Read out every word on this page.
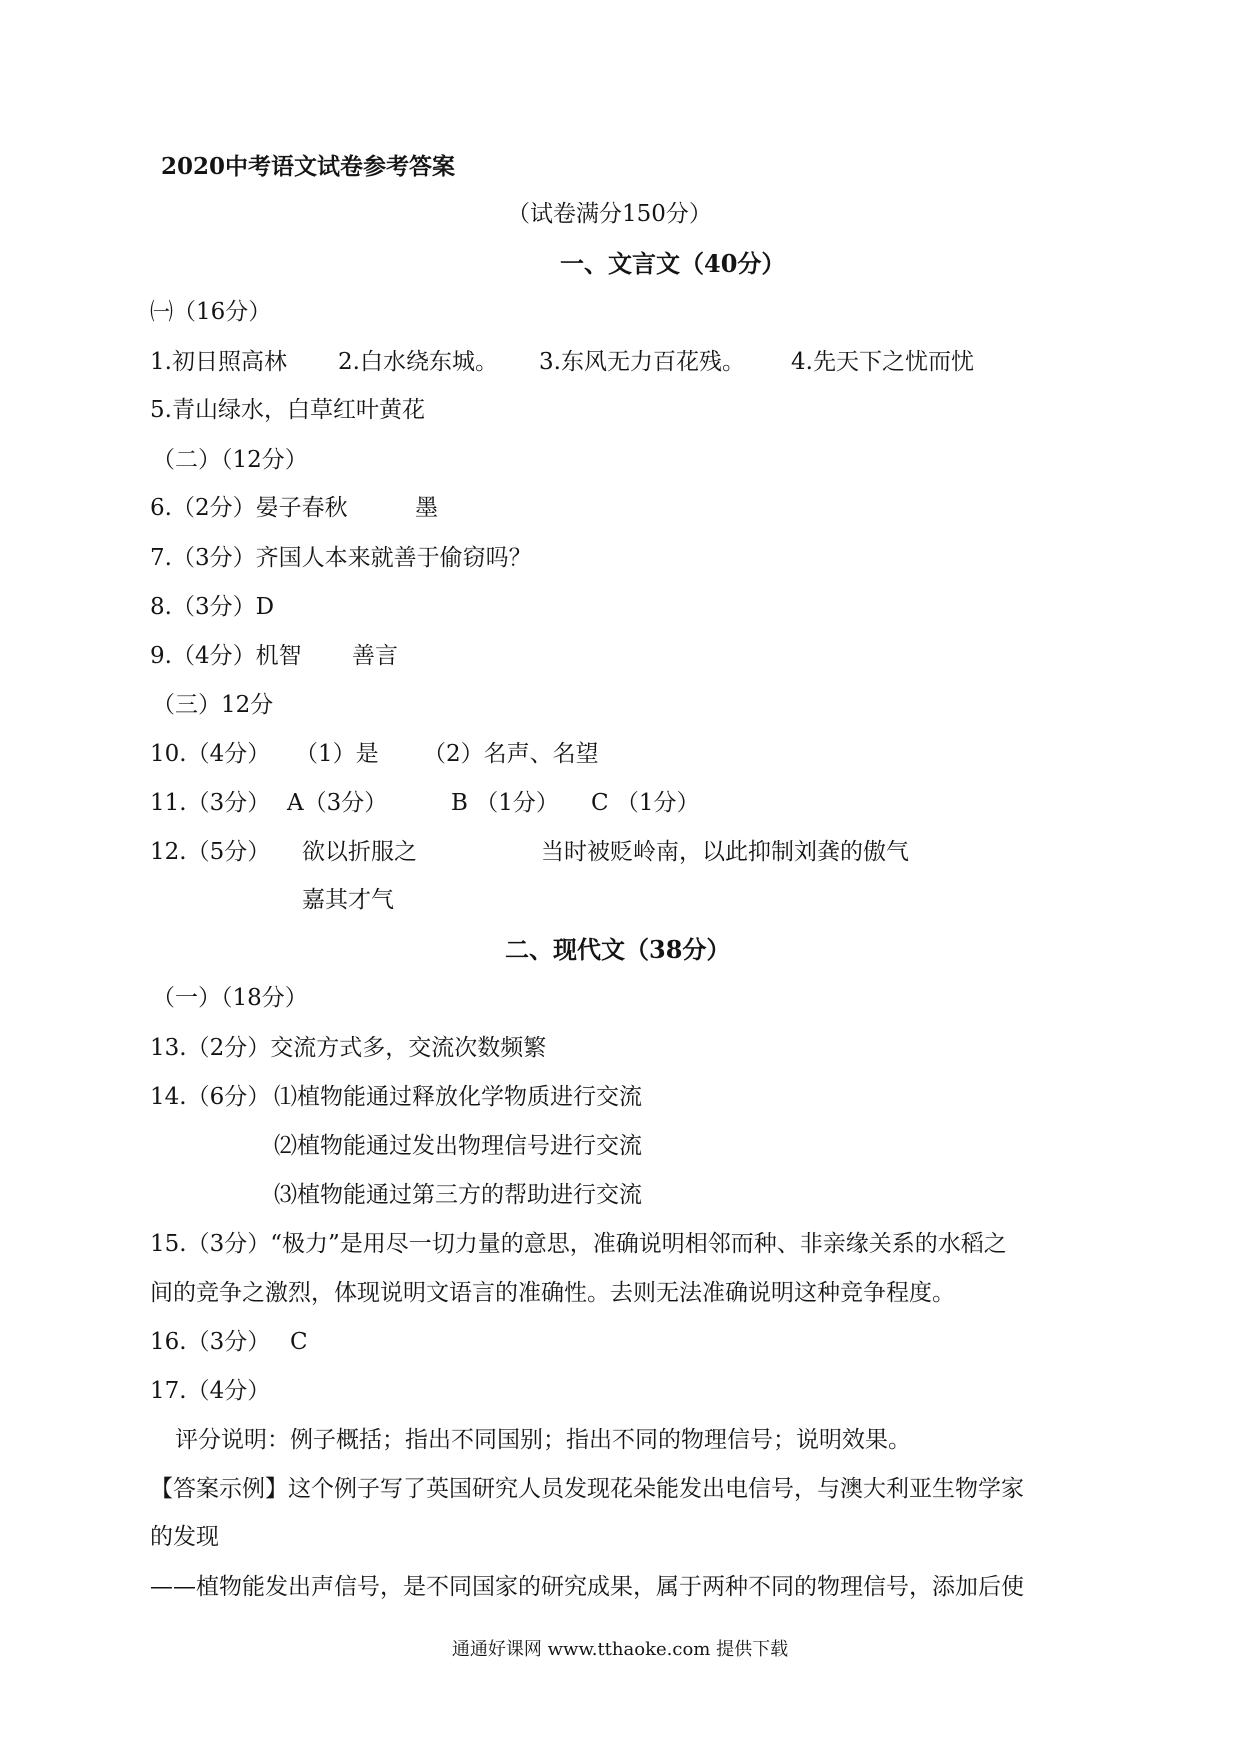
2020中考语文试卷参考答案
（试卷满分150分）
一、文言文（40分）
㈠（16分）
1.初日照高林 2.白水绕东城。 3.东风无力百花残。 4.先天下之忧而忧
5.青山绿水，白草红叶黄花
（二）（12分）
6.（2分）晏子春秋	墨
7.（3分）齐国人本来就善于偷窃吗？
8.（3分）D
9.（4分）机智 善言
（三）12分
10.（4分） （1）是 （2）名声、名望
11.（3分） A（3分）	B （1分） C （1分）
12.（5分） 欲以折服之	当时被贬岭南，以此抑制刘龚的傲气
嘉其才气
二、现代文（38分）
（一）（18分）
13.（2分）交流方式多，交流次数频繁
14.（6分） ⑴植物能通过释放化学物质进行交流
⑵植物能通过发出物理信号进行交流
⑶植物能通过第三方的帮助进行交流
15.（3分）“极力”是用尽一切力量的意思，准确说明相邻而种、非亲缘关系的水稻之
间的竞争之激烈，体现说明文语言的准确性。去则无法准确说明这种竞争程度。
16.（3分） C
17.（4分）
评分说明：例子概括；指出不同国别；指出不同的物理信号；说明效果。
【答案示例】这个例子写了英国研究人员发现花朵能发出电信号，与澳大利亚生物学家
的发现
——植物能发出声信号，是不同国家的研究成果，属于两种不同的物理信号，添加后使
通通好课网 www.tthaoke.com 提供下载
